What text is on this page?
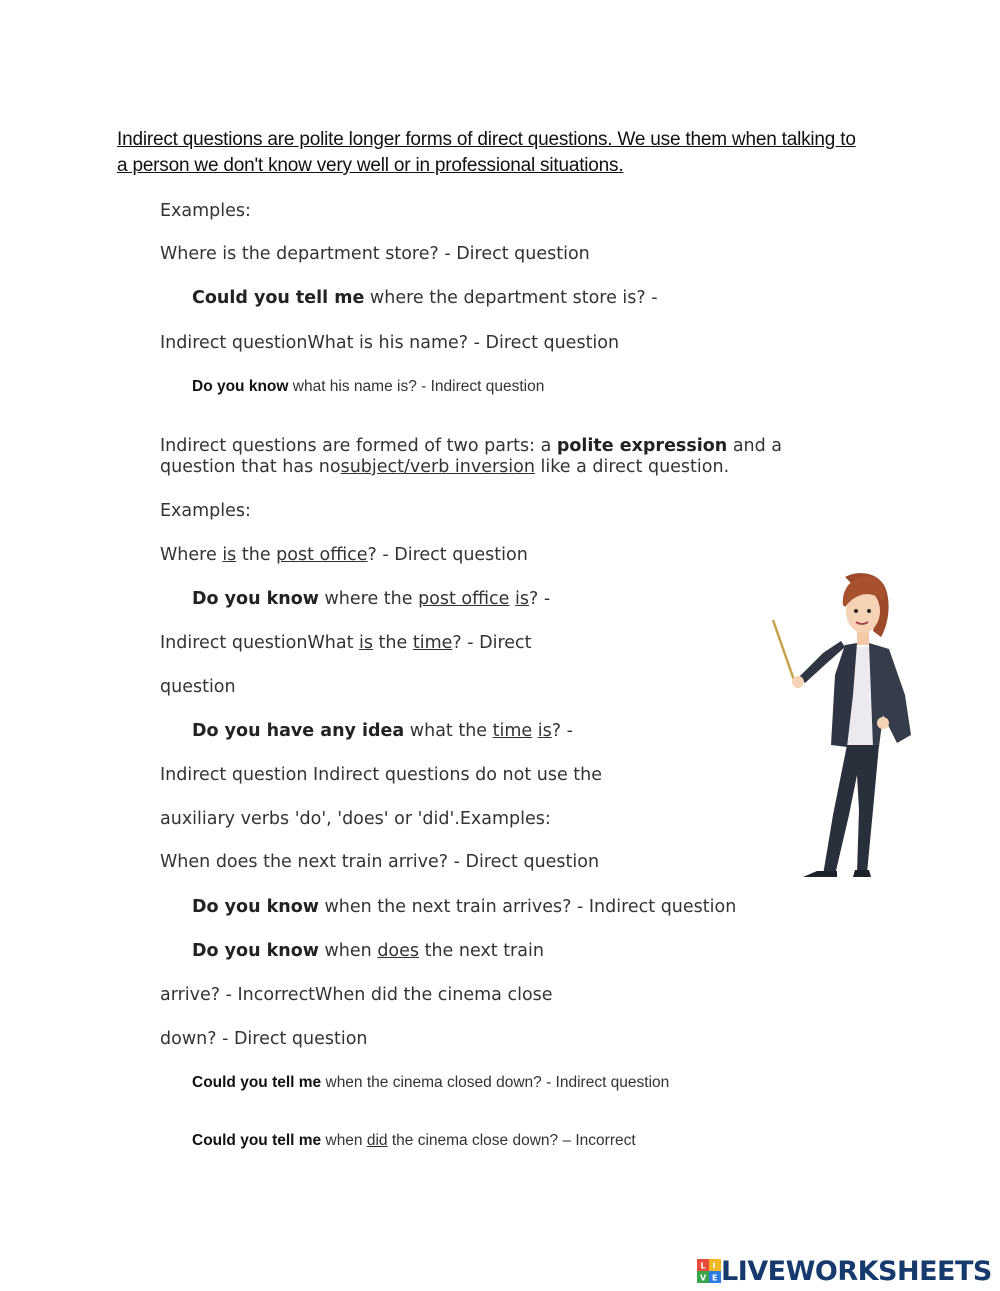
Indirect questions are polite longer forms of direct questions. We use them when talking to a person we don't know very well or in professional situations.
Examples:
Where is the department store? - Direct question
Could you tell me where the department store is? -
Indirect questionWhat is his name? - Direct question
Do you know what his name is? - Indirect question
Indirect questions are formed of two parts: a polite expression and a
question that has nosubject/verb inversion like a direct question.
Examples:
Where is the post office? - Direct question
Do you know where the post office is? -
Indirect questionWhat is the time? - Direct
question
Do you have any idea what the time is? -
Indirect question Indirect questions do not use the
auxiliary verbs 'do', 'does' or 'did'.Examples:
When does the next train arrive? - Direct question
Do you know when the next train arrives? - Indirect question
Do you know when does the next train
arrive? - IncorrectWhen did the cinema close
down? - Direct question
Could you tell me when the cinema closed down? - Indirect question
Could you tell me when did the cinema close down? – Incorrect
L I
V E LIVEWORKSHEETS
